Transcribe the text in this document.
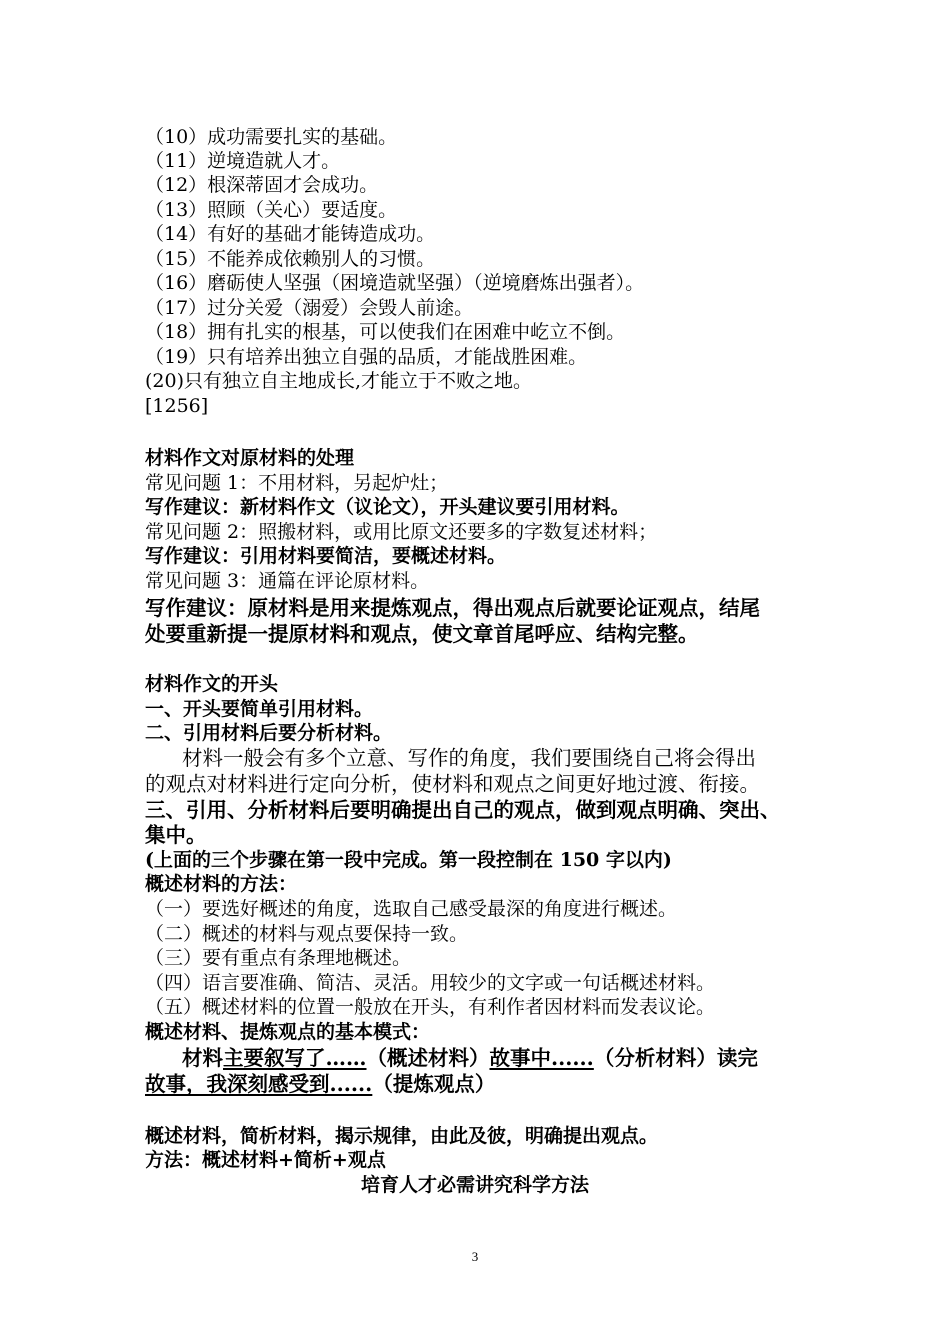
（10）成功需要扎实的基础。
（11）逆境造就人才。
（12）根深蒂固才会成功。
（13）照顾（关心）要适度。
（14）有好的基础才能铸造成功。
（15）不能养成依赖别人的习惯。
（16）磨砺使人坚强（困境造就坚强）（逆境磨炼出强者）。
（17）过分关爱（溺爱）会毁人前途。
（18）拥有扎实的根基，可以使我们在困难中屹立不倒。
（19）只有培养出独立自强的品质，才能战胜困难。
(20)只有独立自主地成长,才能立于不败之地。
[1256]
材料作文对原材料的处理
常见问题 1：不用材料，另起炉灶；
写作建议：新材料作文（议论文），开头建议要引用材料。
常见问题 2：照搬材料，或用比原文还要多的字数复述材料；
写作建议：引用材料要简洁，要概述材料。
常见问题 3：通篇在评论原材料。
写作建议：原材料是用来提炼观点，得出观点后就要论证观点，结尾
处要重新提一提原材料和观点，使文章首尾呼应、结构完整。
材料作文的开头
一、开头要简单引用材料。
二、引用材料后要分析材料。
材料一般会有多个立意、写作的角度，我们要围绕自己将会得出
的观点对材料进行定向分析，使材料和观点之间更好地过渡、衔接。
三、引用、分析材料后要明确提出自己的观点，做到观点明确、突出、
集中。
(上面的三个步骤在第一段中完成。第一段控制在 150 字以内)
概述材料的方法：
（一）要选好概述的角度，选取自己感受最深的角度进行概述。
（二）概述的材料与观点要保持一致。
（三）要有重点有条理地概述。
（四）语言要准确、简洁、灵活。用较少的文字或一句话概述材料。
（五）概述材料的位置一般放在开头，有利作者因材料而发表议论。
概述材料、提炼观点的基本模式：
材料主要叙写了……（概述材料）故事中......（分析材料）读完
故事，我深刻感受到......（提炼观点）
概述材料，简析材料，揭示规律，由此及彼，明确提出观点。
方法：概述材料+简析+观点
培育人才必需讲究科学方法
3
